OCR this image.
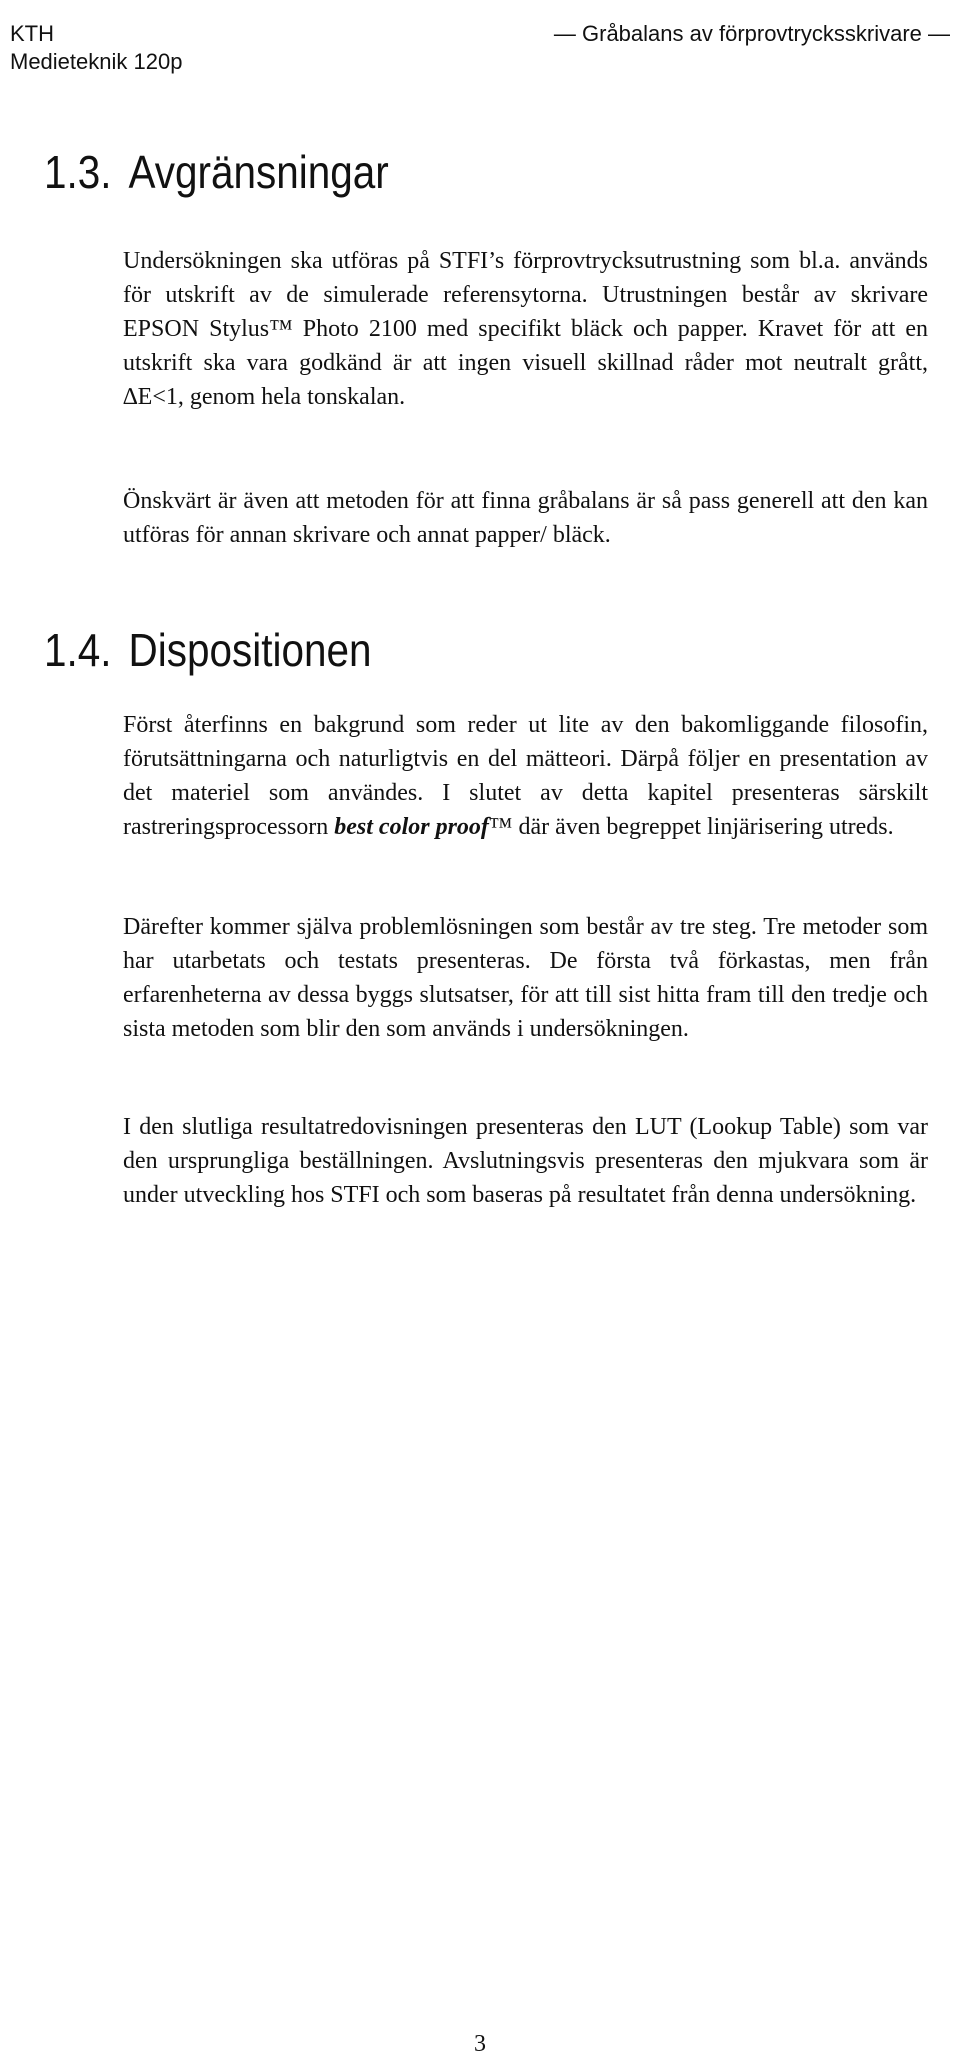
KTH
Medieteknik 120p
— Gråbalans av förprovtrycksskrivare —
1.3. Avgränsningar

Undersökningen ska utföras på STFI’s förprovtrycksutrustning som bl.a. används för utskrift av de simulerade referensytorna. Utrustningen består av skrivare EPSON Stylus™ Photo 2100 med specifikt bläck och papper. Kravet för att en utskrift ska vara godkänd är att ingen visuell skillnad råder mot neutralt grått, ∆E<1, genom hela tonskalan.

Önskvärt är även att metoden för att finna gråbalans är så pass generell att den kan utföras för annan skrivare och annat papper/ bläck.

1.4. Dispositionen

Först återfinns en bakgrund som reder ut lite av den bakomliggande filosofin, förutsättningarna och naturligtvis en del mätteori. Därpå följer en presentation av det materiel som användes. I slutet av detta kapitel presenteras särskilt rastreringsprocessorn best color proof™ där även begreppet linjärisering utreds.

Därefter kommer själva problemlösningen som består av tre steg. Tre metoder som har utarbetats och testats presenteras. De första två förkastas, men från erfarenheterna av dessa byggs slutsatser, för att till sist hitta fram till den tredje och sista metoden som blir den som används i undersökningen.

I den slutliga resultatredovisningen presenteras den LUT (Lookup Table) som var den ursprungliga beställningen. Avslutningsvis presenteras den mjukvara som är under utveckling hos STFI och som baseras på resultatet från denna undersökning.

3
